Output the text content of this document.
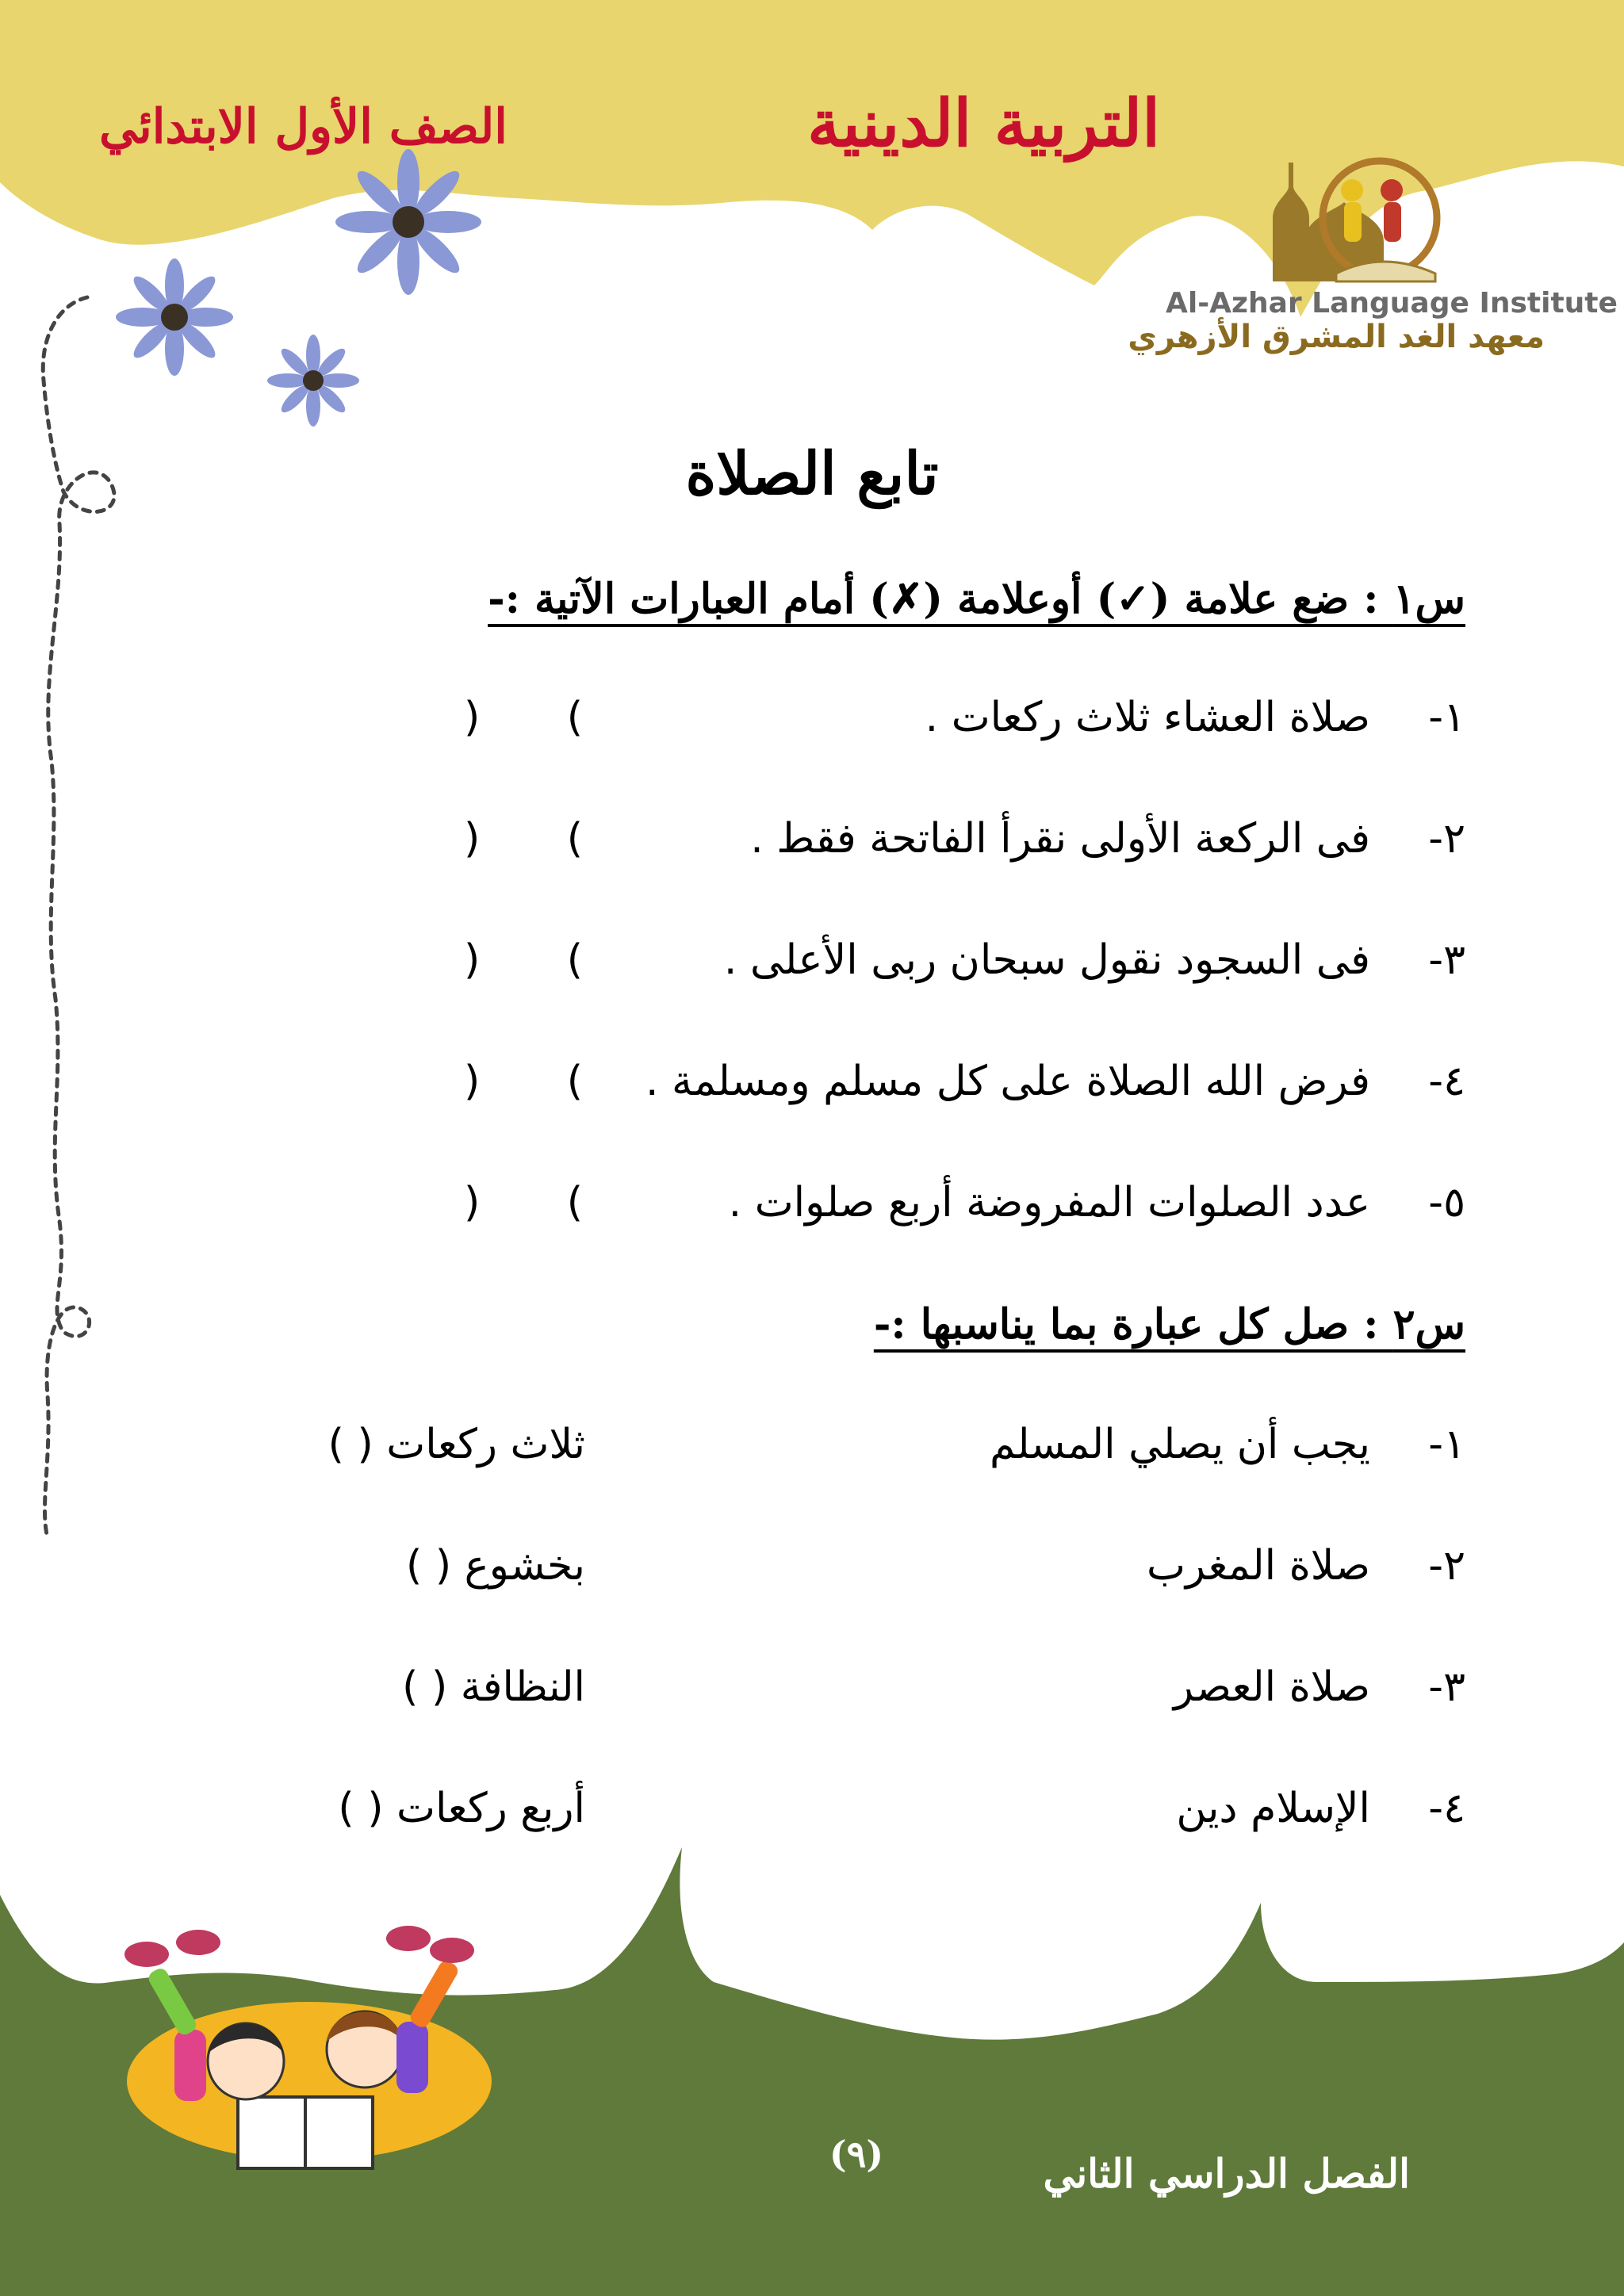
التربية الدينية
الصف الأول الابتدائي
Al-Azhar Language Institute
معهد الغد المشرق الأزهري
تابع الصلاة
س١ : ضع علامة (✓) أوعلامة (✗) أمام العبارات الآتية :-
١-
صلاة العشاء ثلاث ركعات .
) (
٢-
فى الركعة الأولى نقرأ الفاتحة فقط .
) (
٣-
فى السجود نقول سبحان ربى الأعلى .
) (
٤-
فرض الله الصلاة على كل مسلم ومسلمة .
) (
٥-
عدد الصلوات المفروضة أربع صلوات .
) (
س٢ : صل كل عبارة بما يناسبها :-
١-
يجب أن يصلي المسلم
ثلاث ركعات ( )
٢-
صلاة المغرب
بخشوع ( )
٣-
صلاة العصر
النظافة ( )
٤-
الإسلام دين
أربع ركعات ( )
(٩)	الفصل الدراسي الثاني
